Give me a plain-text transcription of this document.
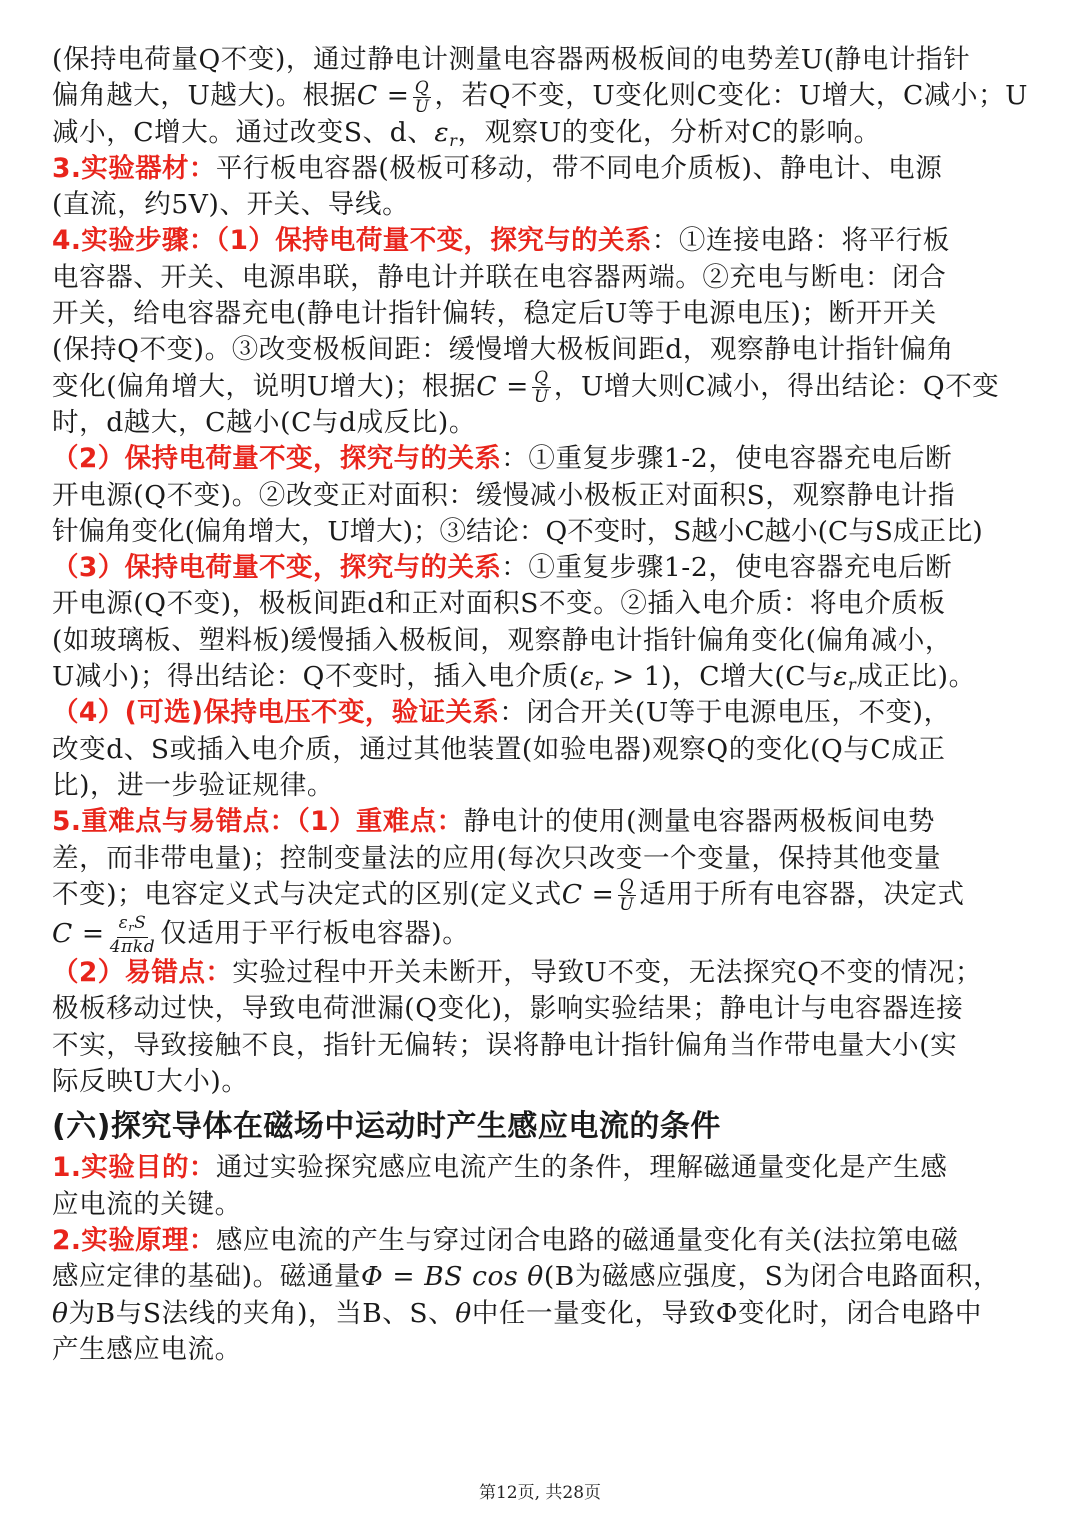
(保持电荷量Q不变)，通过静电计测量电容器两极板间的电势差U(静电计指针
偏角越大，U越大)。根据$C = \frac{Q}{U}$ ，若Q不变，U变化则C变化：U增大，C减小；U
减小，C增大。通过改变S、d、$\varepsilon_r$，观察U的变化，分析对C的影响。
3.实验器材：平行板电容器(极板可移动，带不同电介质板)、静电计、电源
(直流，约5V)、开关、导线。
4.实验步骤：（1）保持电荷量不变，探究与的关系：①连接电路：将平行板
电容器、开关、电源串联，静电计并联在电容器两端。②充电与断电：闭合
开关，给电容器充电(静电计指针偏转，稳定后U等于电源电压)；断开开关
(保持Q不变)。③改变极板间距：缓慢增大极板间距d，观察静电计指针偏角
变化(偏角增大，说明U增大)；根据$C = \frac{Q}{U}$ ，U增大则C减小，得出结论：Q不变
时，d越大，C越小(C与d成反比)。
（2）保持电荷量不变，探究与的关系：①重复步骤1-2，使电容器充电后断
开电源(Q不变)。②改变正对面积：缓慢减小极板正对面积S，观察静电计指
针偏角变化(偏角增大，U增大)；③结论：Q不变时，S越小C越小(C与S成正比)
（3）保持电荷量不变，探究与的关系：①重复步骤1-2，使电容器充电后断
开电源(Q不变)，极板间距d和正对面积S不变。②插入电介质：将电介质板
(如玻璃板、塑料板)缓慢插入极板间，观察静电计指针偏角变化(偏角减小，
U减小)；得出结论：Q不变时，插入电介质$(\varepsilon_r > 1)$，C增大(C与$\varepsilon_r$成正比)。
（4）(可选)保持电压不变，验证关系：闭合开关(U等于电源电压，不变)，
改变d、S或插入电介质，通过其他装置(如验电器)观察Q的变化(Q与C成正
比)，进一步验证规律。
5.重难点与易错点：（1）重难点：静电计的使用(测量电容器两极板间电势
差，而非带电量)；控制变量法的应用(每次只改变一个变量，保持其他变量
不变)；电容定义式与决定式的区别(定义式$C = \frac{Q}{U}$ 适用于所有电容器，决定式
$C = \frac{\varepsilon_rS}{\text{4πkd}}$ 仅适用于平行板电容器)。
（2）易错点：实验过程中开关未断开，导致U不变，无法探究Q不变的情况；
极板移动过快，导致电荷泄漏(Q变化)，影响实验结果；静电计与电容器连接
不实，导致接触不良，指针无偏转；误将静电计指针偏角当作带电量大小(实
际反映U大小)。
(六)探究导体在磁场中运动时产生感应电流的条件
1.实验目的：通过实验探究感应电流产生的条件，理解磁通量变化是产生感
应电流的关键。
2.实验原理：感应电流的产生与穿过闭合电路的磁通量变化有关(法拉第电磁
感应定律的基础)。磁通量Φ = BS cos θ(B为磁感应强度，S为闭合电路面积，
θ为B与S法线的夹角)，当B、S、θ中任一量变化，导致Φ变化时，闭合电路中
产生感应电流。
第12页, 共28页
